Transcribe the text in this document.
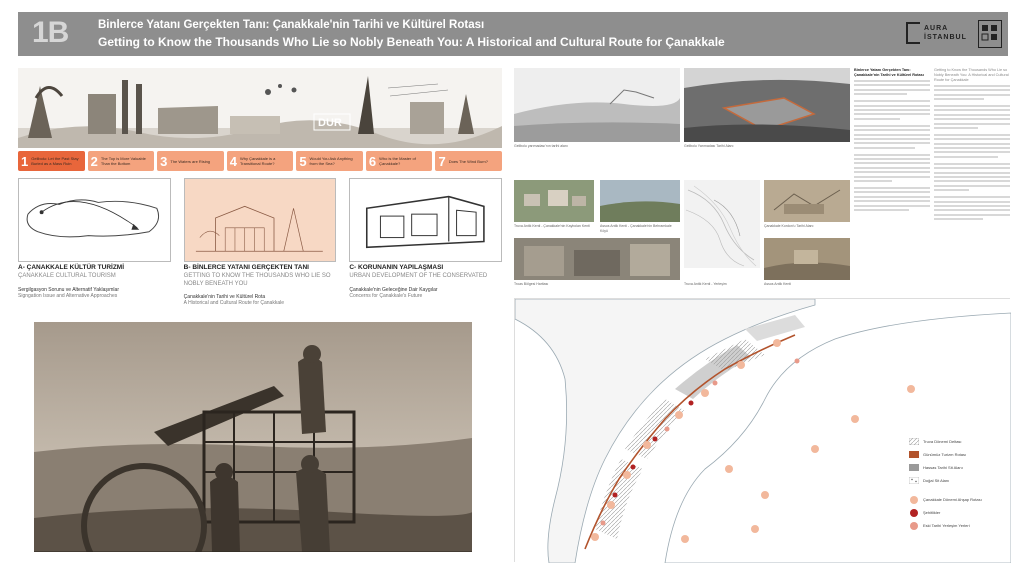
1B	Binlerce Yatanı Gerçekten Tanı: Çanakkale'nin Tarihi ve Kültürel Rotası
Getting to Know the Thousands Who Lie so Nobly Beneath You: A Historical and Cultural Route for Çanakkale
AURA
İSTANBUL
DUR
1 Gelibolu: Let the Past Stay Buried as a Mass Ruin	2 The Top is More Valuable Than the Bottom	3 The Waters are Rising 4 Why Çanakkale is a Transitional Route?	5 Would You Ask Anything from the Sea?	6 Who is the Master of Çanakkale?	7 Does The Wind Burn?
A- ÇANAKKALE KÜLTÜR TURİZMİ
ÇANAKKALE CULTURAL TOURISM
Sergilgasyon Sorunu ve Alternatif Yaklaşımlar
Signgation Issue and Alternative Approaches
B- BİNLERCE YATANI GERÇEKTEN TANI
GETTING TO KNOW THE THOUSANDS WHO LIE SO NOBLY BENEATH YOU
Çanakkale'nin Tarihi ve Kültürel Rota
A Historical and Cultural Route for Çanakkale
C- KORUNANIN YAPILAŞMASI
URBAN DEVELOPMENT OF THE CONSERVATED
Çanakkale'nin Geleceğine Dair Kaygılar
Concerns for Çanakkale's Future
Gelibolu yarımadası'nın tarihi alanı	Gelibolu Yarımadası Tarihi Alanı
Binlerce Yatanı Gerçekten Tanı: Çanakkale'nin Tarihi ve Kültürel Rotası
Getting to Know the Thousands Who Lie so Nobly Beneath You: A Historical and Cultural Route for Çanakkale
Truva Antik Kenti - Çanakkale'nin Kaybolan Kenti	Assos Antik Kenti - Çanakkale'nin Behramkale Köyü
Çanakkale Kordon'u Tarihi Alanı
Troas Bölgesi Haritası	Truva Antik Kenti - Yerleşim	Assos Antik Kenti
Truva Dönemi Deltası
Günümüz Turizm Rotası
Hassas Tarihi Sit Alanı
Doğal Sit Alanı
Çanakkale Dönemi Ahşap Rotası
Şehitlikler
Eski Tarihi Yerleşim Yerleri
